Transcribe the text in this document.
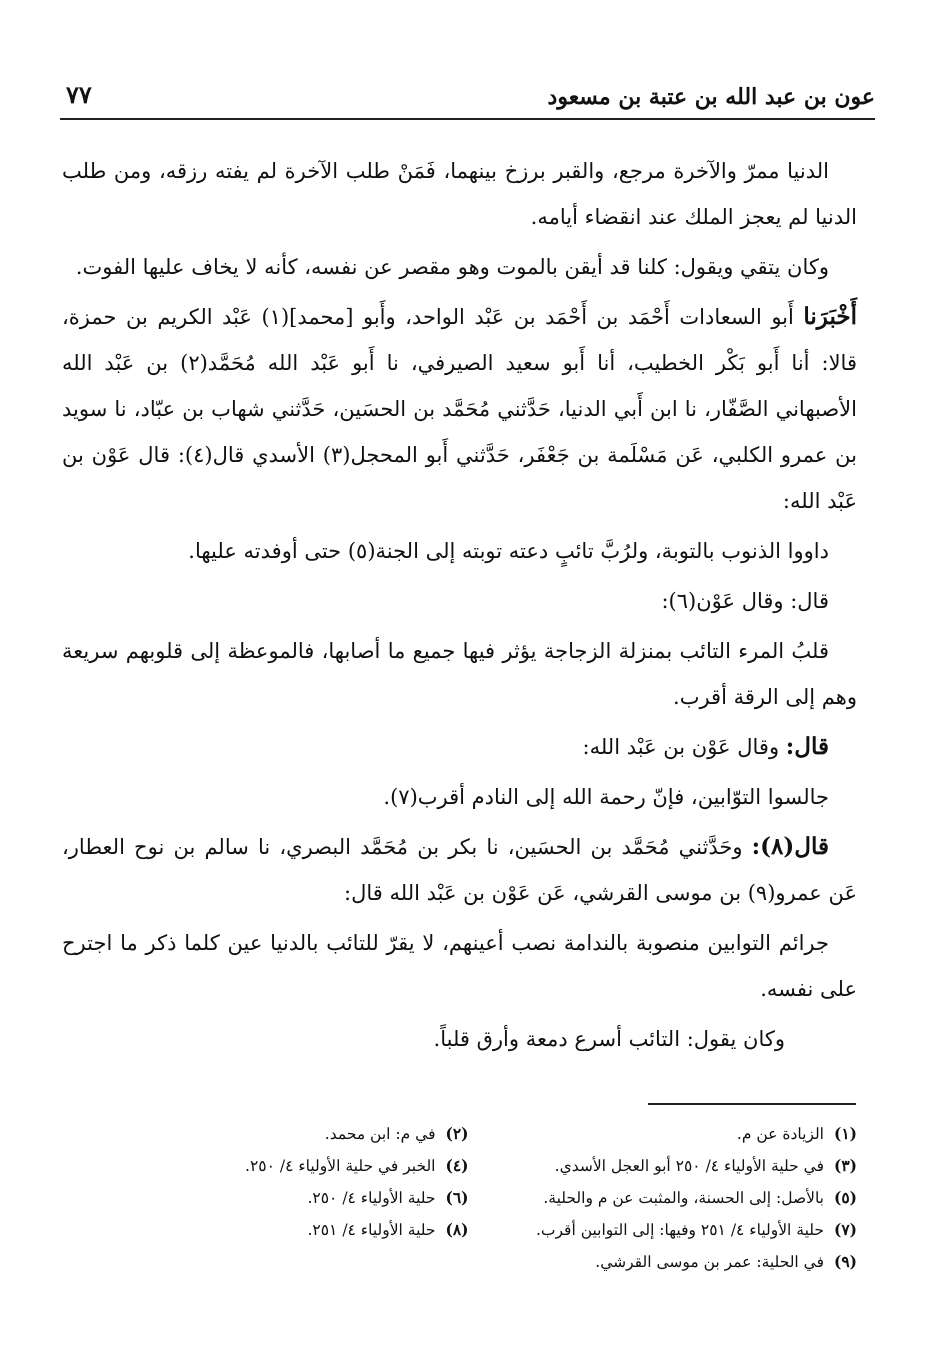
عون بن عبد الله بن عتبة بن مسعود
٧٧

الدنيا ممرّ والآخرة مرجع، والقبر برزخ بينهما، فَمَنْ طلب الآخرة لم يفته رزقه، ومن طلب الدنيا لم يعجز الملك عند انقضاء أيامه.

وكان يتقي ويقول: كلنا قد أيقن بالموت وهو مقصر عن نفسه، كأنه لا يخاف عليها الفوت.

أَخْبَرَنا أَبو السعادات أَحْمَد بن أَحْمَد بن عَبْد الواحد، وأَبو [محمد](١) عَبْد الكريم بن حمزة، قالا: أنا أَبو بَكْر الخطيب، أنا أَبو سعيد الصيرفي، نا أَبو عَبْد الله مُحَمَّد(٢) بن عَبْد الله الأصبهاني الصَّفّار، نا ابن أَبي الدنيا، حَدَّثني مُحَمَّد بن الحسَين، حَدَّثني شهاب بن عبّاد، نا سويد بن عمرو الكلبي، عَن مَسْلَمة بن جَعْفَر، حَدَّثني أَبو المحجل(٣) الأسدي قال(٤): قال عَوْن بن عَبْد الله:

داووا الذنوب بالتوبة، ولرُبَّ تائبٍ دعته توبته إلى الجنة(٥) حتى أوفدته عليها.

قال: وقال عَوْن(٦):

قلبُ المرء التائب بمنزلة الزجاجة يؤثر فيها جميع ما أصابها، فالموعظة إلى قلوبهم سريعة وهم إلى الرقة أقرب.

قال: وقال عَوْن بن عَبْد الله:

جالسوا التوّابين، فإنّ رحمة الله إلى النادم أقرب(٧).

قال(٨): وحَدَّثني مُحَمَّد بن الحسَين، نا بكر بن مُحَمَّد البصري، نا سالم بن نوح العطار، عَن عمرو(٩) بن موسى القرشي، عَن عَوْن بن عَبْد الله قال:

جرائم التوابين منصوبة بالندامة نصب أعينهم، لا يقرّ للتائب بالدنيا عين كلما ذكر ما اجترح على نفسه.

وكان يقول: التائب أسرع دمعة وأرق قلباً.

(١)الزيادة عن م.
(٢)في م: ابن محمد.
(٣)في حلية الأولياء ٤/ ٢٥٠ أبو العجل الأسدي.
(٤)الخبر في حلية الأولياء ٤/ ٢٥٠.
(٥)بالأصل: إلى الحسنة، والمثبت عن م والحلية.
(٦)حلية الأولياء ٤/ ٢٥٠.
(٧)حلية الأولياء ٤/ ٢٥١ وفيها: إلى التوابين أقرب.
(٨)حلية الأولياء ٤/ ٢٥١.
(٩)في الحلية: عمر بن موسى القرشي.
